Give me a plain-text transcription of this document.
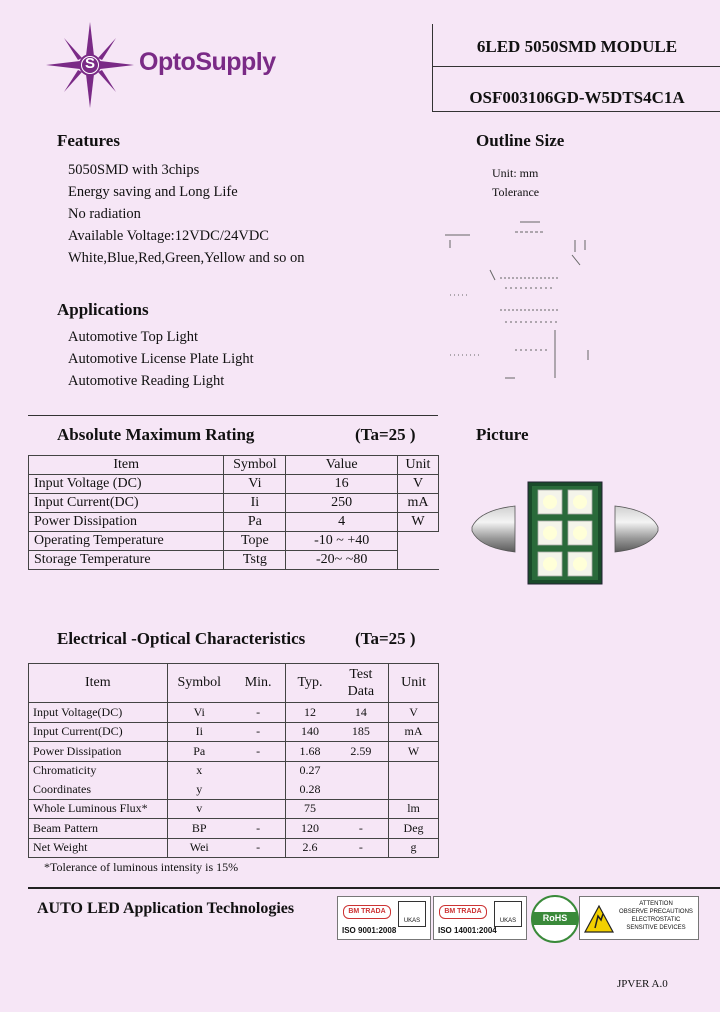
S OptoSupply
6LED 5050SMD MODULE
OSF003106GD-W5DTS4C1A
Features
5050SMD with 3chips
Energy saving and Long Life
No radiation
Available Voltage:12VDC/24VDC
White,Blue,Red,Green,Yellow and so on
Applications
Automotive Top Light
Automotive License Plate Light
Automotive Reading Light
Outline Size
Unit: mm
Tolerance
Absolute Maximum Rating	(Ta=25 )
Item	Symbol	Value	Unit
Input Voltage (DC)	Vi	16	V
Input Current(DC)	Ii	250	mA
Power Dissipation	Pa	4	W
Operating Temperature	Tope	-10 ~ +40	
Storage Temperature	Tstg	-20~ ~80	
Picture
Electrical -Optical Characteristics	(Ta=25 )
Item	Symbol	Min.	Typ.	Test Data	Unit
Input Voltage(DC)	Vi	-	12	14	V
Input Current(DC)	Ii	-	140	185	mA
Power Dissipation	Pa	-	1.68	2.59	W
Chromaticity	x		0.27		
Coordinates	y		0.28		
Whole Luminous Flux*	v		75		lm
Beam Pattern	BP	-	120	-	Deg
Net Weight	Wei	-	2.6	-	g
*Tolerance of luminous intensity is 15%
AUTO LED Application Technologies	BM TRADA
UKAS
ISO 9001:2008
BM TRADA
UKAS
ISO 14001:2004
RoHS
ATTENTION
OBSERVE PRECAUTIONS
ELECTROSTATIC
SENSITIVE DEVICES
JPVER A.0
